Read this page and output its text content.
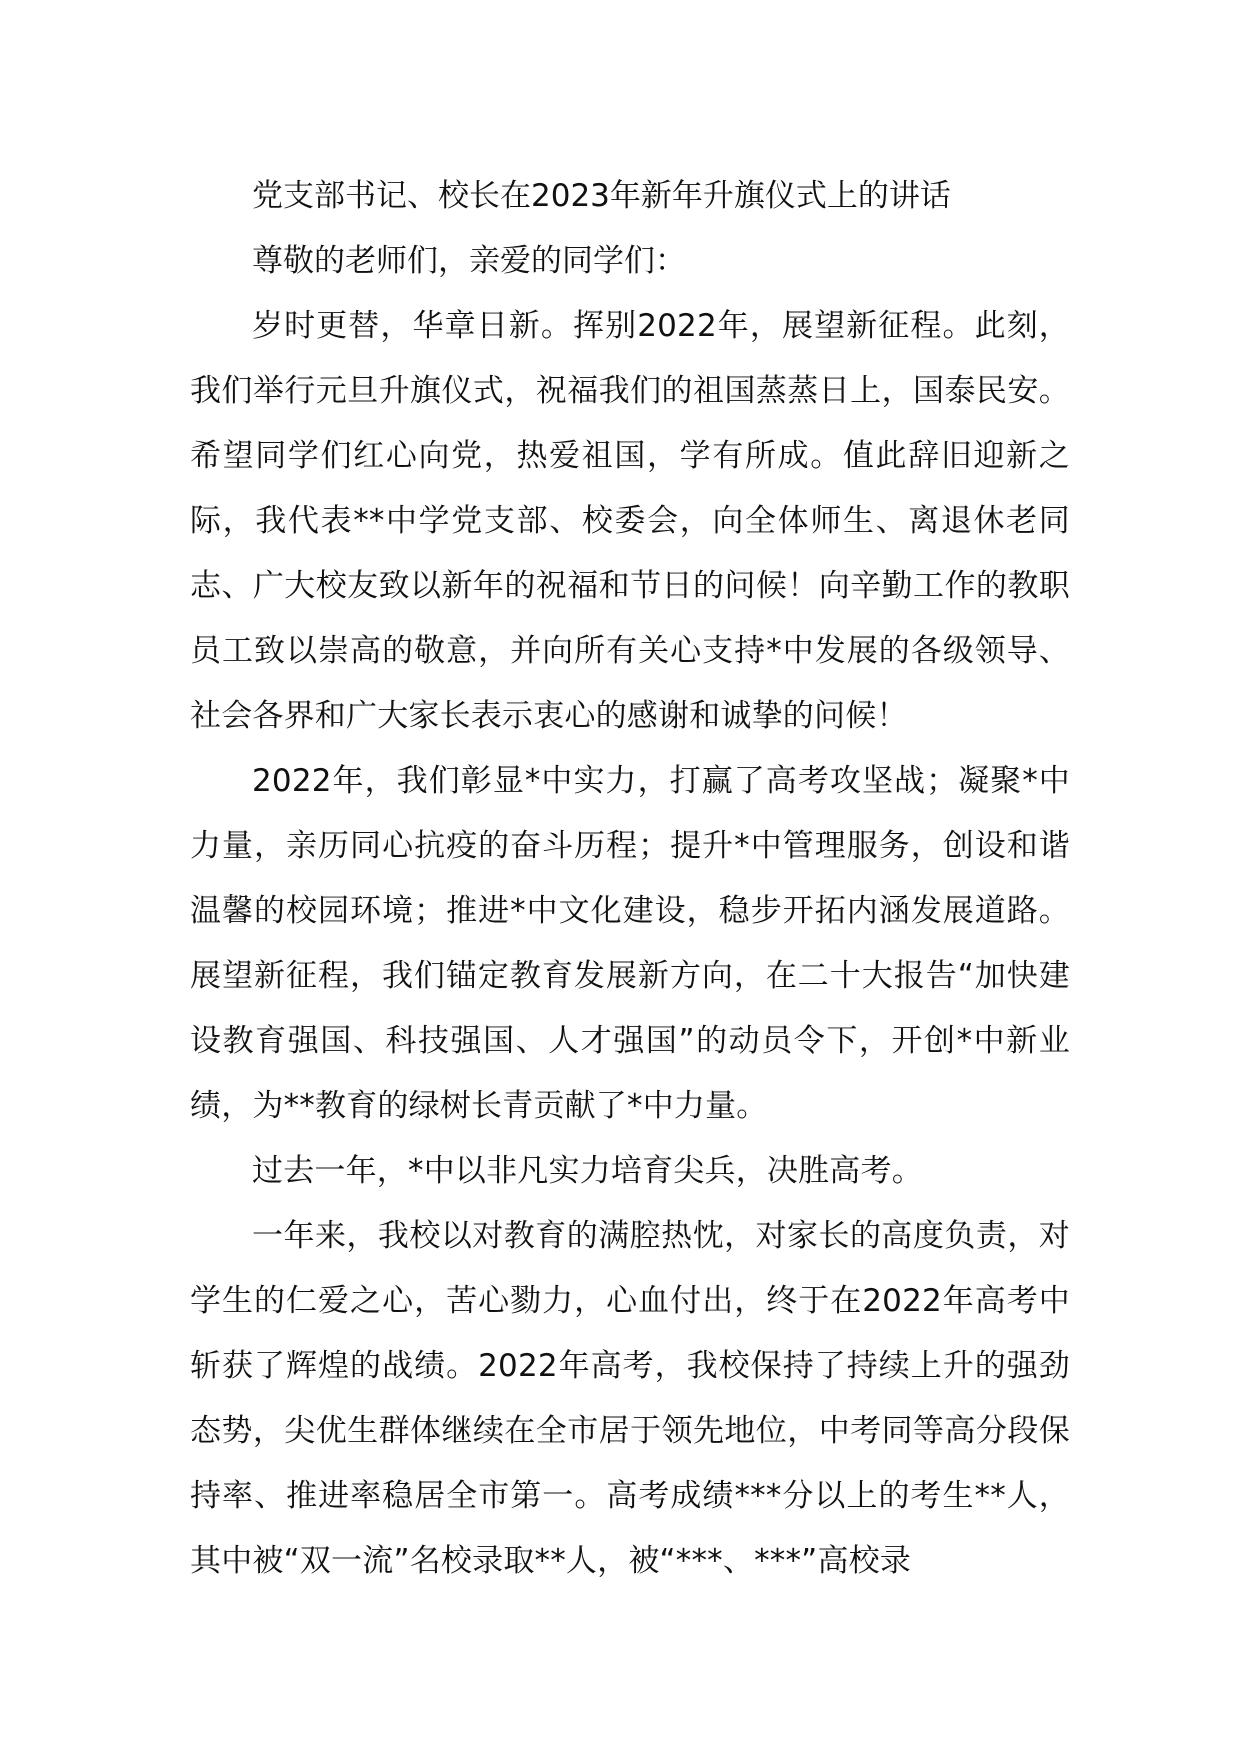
党支部书记、校长在2023年新年升旗仪式上的讲话

尊敬的老师们，亲爱的同学们：

岁时更替，华章日新。挥别2022年，展望新征程。此刻，我们举行元旦升旗仪式，祝福我们的祖国蒸蒸日上，国泰民安。希望同学们红心向党，热爱祖国，学有所成。值此辞旧迎新之际，我代表**中学党支部、校委会，向全体师生、离退休老同志、广大校友致以新年的祝福和节日的问候！向辛勤工作的教职员工致以崇高的敬意，并向所有关心支持*中发展的各级领导、社会各界和广大家长表示衷心的感谢和诚挚的问候！

2022年，我们彰显*中实力，打赢了高考攻坚战；凝聚*中力量，亲历同心抗疫的奋斗历程；提升*中管理服务，创设和谐温馨的校园环境；推进*中文化建设，稳步开拓内涵发展道路。展望新征程，我们锚定教育发展新方向，在二十大报告“加快建设教育强国、科技强国、人才强国”的动员令下，开创*中新业绩，为**教育的绿树长青贡献了*中力量。

过去一年，*中以非凡实力培育尖兵，决胜高考。

一年来，我校以对教育的满腔热忱，对家长的高度负责，对学生的仁爱之心，苦心勠力，心血付出，终于在2022年高考中斩获了辉煌的战绩。2022年高考，我校保持了持续上升的强劲态势，尖优生群体继续在全市居于领先地位，中考同等高分段保持率、推进率稳居全市第一。高考成绩***分以上的考生**人，其中被“双一流”名校录取**人，被“***、***”高校录
